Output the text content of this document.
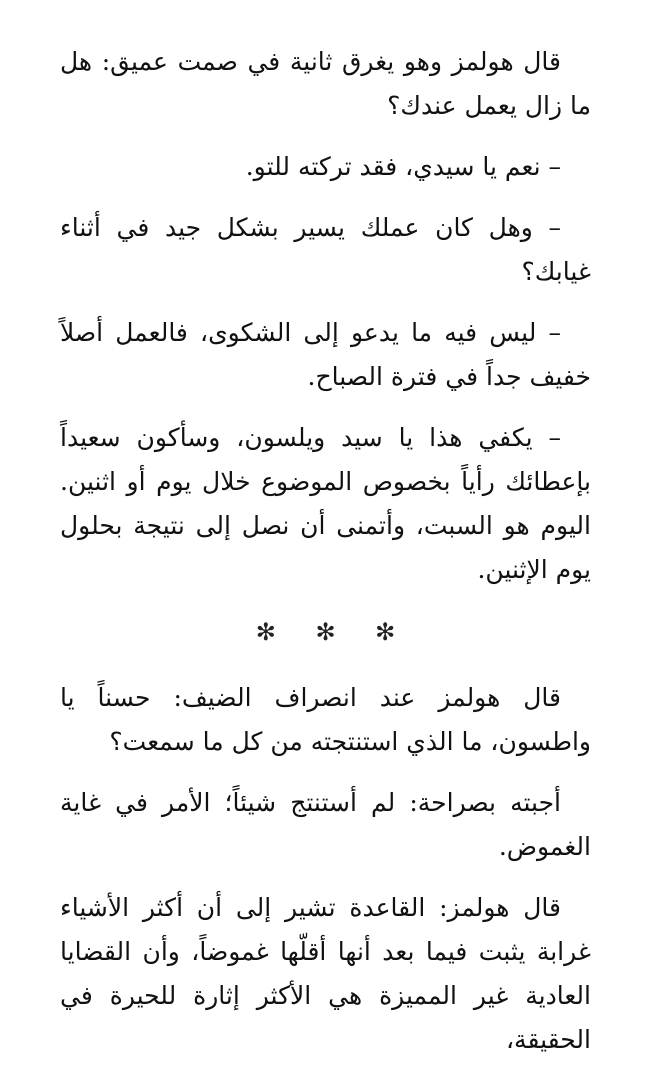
قال هولمز وهو يغرق ثانية في صمت عميق: هل ما زال يعمل عندك؟

– نعم يا سيدي، فقد تركته للتو.

– وهل كان عملك يسير بشكل جيد في أثناء غيابك؟

– ليس فيه ما يدعو إلى الشكوى، فالعمل أصلاً خفيف جداً في فترة الصباح.

– يكفي هذا يا سيد ويلسون، وسأكون سعيداً بإعطائك رأياً بخصوص الموضوع خلال يوم أو اثنين. اليوم هو السبت، وأتمنى أن نصل إلى نتيجة بحلول يوم الإثنين.

✻ ✻ ✻

قال هولمز عند انصراف الضيف: حسناً يا واطسون، ما الذي استنتجته من كل ما سمعت؟

أجبته بصراحة: لم أستنتج شيئاً؛ الأمر في غاية الغموض.

قال هولمز: القاعدة تشير إلى أن أكثر الأشياء غرابة يثبت فيما بعد أنها أقلّها غموضاً، وأن القضايا العادية غير المميزة هي الأكثر إثارة للحيرة في الحقيقة،
